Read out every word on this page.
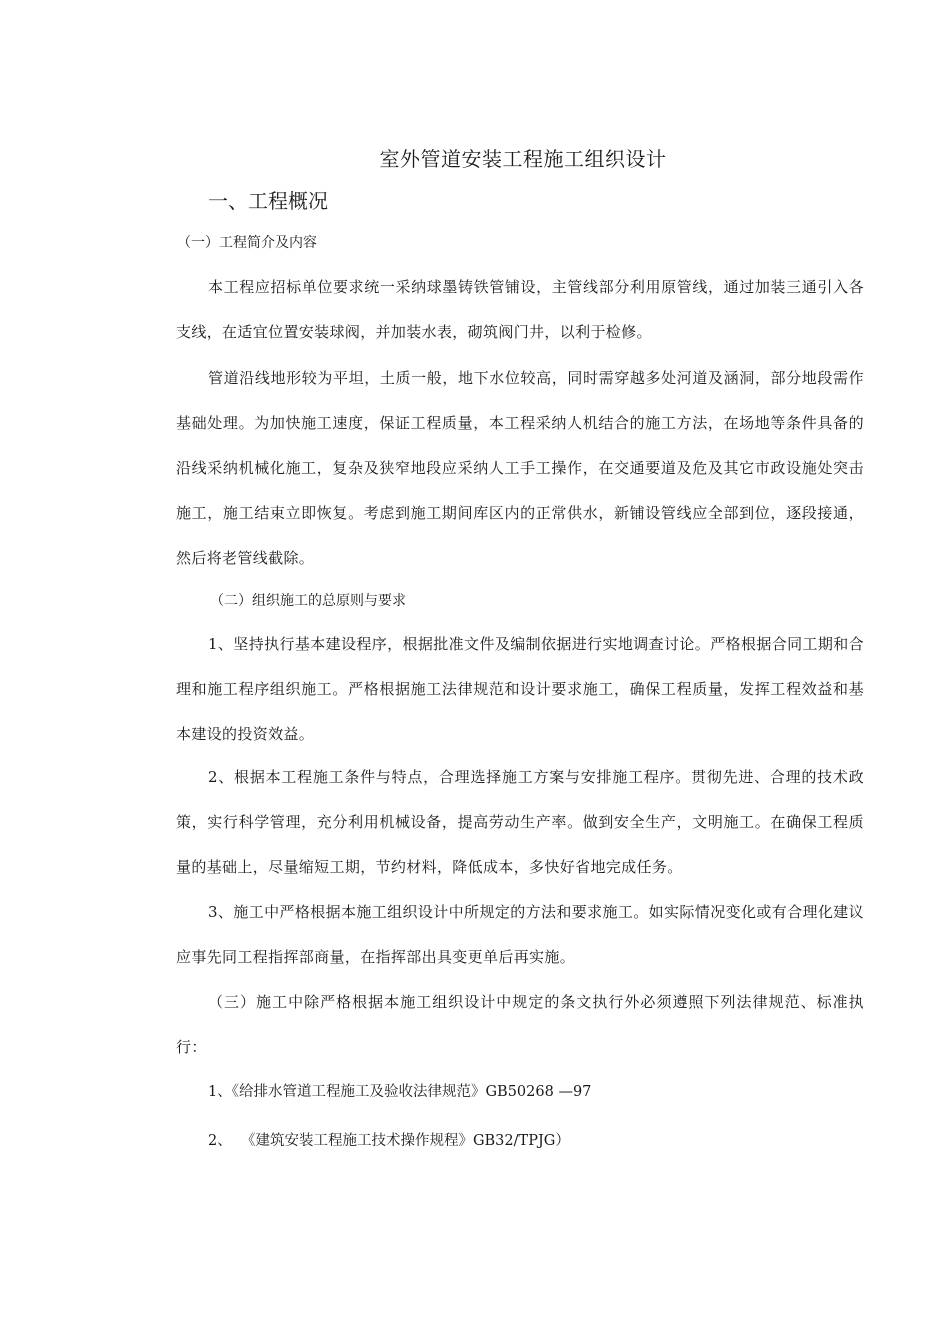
室外管道安装工程施工组织设计
一、工程概况
（一）工程简介及内容

本工程应招标单位要求统一采纳球墨铸铁管铺设，主管线部分利用原管线，通过加装三通引入各支线，在适宜位置安装球阀，并加装水表，砌筑阀门井，以利于检修。

管道沿线地形较为平坦，土质一般，地下水位较高，同时需穿越多处河道及涵洞，部分地段需作基础处理。为加快施工速度，保证工程质量，本工程采纳人机结合的施工方法，在场地等条件具备的沿线采纳机械化施工，复杂及狭窄地段应采纳人工手工操作，在交通要道及危及其它市政设施处突击施工，施工结束立即恢复。考虑到施工期间库区内的正常供水，新铺设管线应全部到位，逐段接通，然后将老管线截除。

（二）组织施工的总原则与要求

1、坚持执行基本建设程序，根据批准文件及编制依据进行实地调查讨论。严格根据合同工期和合理和施工程序组织施工。严格根据施工法律规范和设计要求施工，确保工程质量，发挥工程效益和基本建设的投资效益。

2、根据本工程施工条件与特点，合理选择施工方案与安排施工程序。贯彻先进、合理的技术政策，实行科学管理，充分利用机械设备，提高劳动生产率。做到安全生产，文明施工。在确保工程质量的基础上，尽量缩短工期，节约材料，降低成本，多快好省地完成任务。

3、施工中严格根据本施工组织设计中所规定的方法和要求施工。如实际情况变化或有合理化建议应事先同工程指挥部商量，在指挥部出具变更单后再实施。

（三）施工中除严格根据本施工组织设计中规定的条文执行外必须遵照下列法律规范、标准执行：

1、《给排水管道工程施工及验收法律规范》GB50268 —97
2、  《建筑安装工程施工技术操作规程》GB32/TPJG）
